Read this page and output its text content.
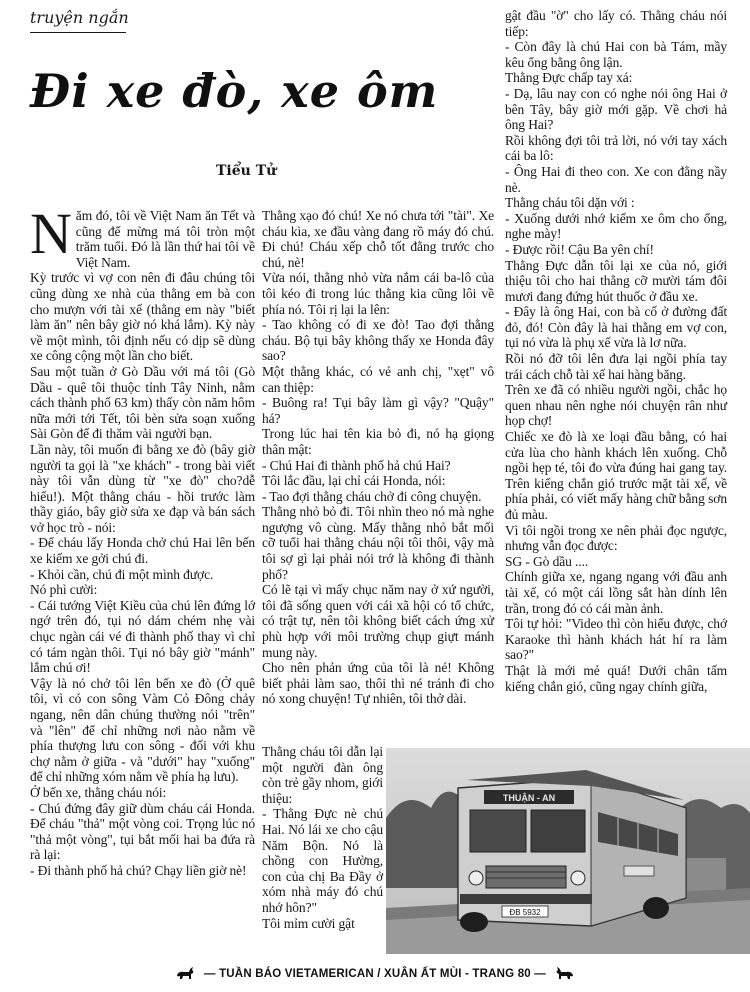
truyện ngắn
Đi xe đò, xe ôm
Tiểu Tử

Năm đó, tôi về Việt Nam ăn Tết và cũng để mừng má tôi tròn một trăm tuổi. Đó là lần thứ hai tôi về Việt Nam.

Kỳ trước vì vợ con nên đi đâu chúng tôi cũng dùng xe nhà của thằng em bà con cho mượn với tài xế (thằng em này "biết làm ăn" nên bây giờ nó khá lắm). Kỳ này về một mình, tôi định nếu có dịp sẽ dùng xe công cộng một lần cho biết.

Sau một tuần ở Gò Dầu với má tôi (Gò Dầu - quê tôi thuộc tỉnh Tây Ninh, nằm cách thành phố 63 km) thấy còn năm hôm nữa mới tới Tết, tôi bèn sửa soạn xuống Sài Gòn để đi thăm vài người bạn.

Lần này, tôi muốn đi bằng xe đò (bây giờ người ta gọi là "xe khách" - trong bài viết này tôi vẫn dùng từ "xe đò" cho?dễ hiểu!). Một thằng cháu - hồi trước làm thầy giáo, bây giờ sửa xe đạp và bán sách vở học trò - nói:

- Để cháu lấy Honda chở chú Hai lên bến xe kiếm xe gởi chú đi.

- Khỏi cần, chú đi một mình được.

Nó phì cười:

- Cái tướng Việt Kiều của chú lên đứng lớ ngớ trên đó, tụi nó dám chém nhẹ vài chục ngàn cái vé đi thành phố thay vì chỉ có tám ngàn thôi. Tụi nó bây giờ "mánh" lắm chú ơi!

Vậy là nó chở tôi lên bến xe đò (Ở quê tôi, vì có con sông Vàm Cỏ Đông chảy ngang, nên dân chúng thường nói "trên" và "lên" để chỉ những nơi nào nằm về phía thượng lưu con sông - đối với khu chợ nằm ở giữa - và "dưới" hay "xuống" để chỉ những xóm nằm về phía hạ lưu).

Ở bến xe, thằng cháu nói:

- Chú đứng đây giữ dùm cháu cái Honda. Để cháu "thả" một vòng coi. Trọng lúc nó "thả một vòng", tụi bắt mối hai ba đứa rà rà lại:

- Đi thành phố hả chú? Chạy liền giờ nè!

Thằng xạo đó chú! Xe nó chưa tới "tài". Xe cháu kìa, xe đầu vàng đang rồ máy đó chú. Đi chú! Cháu xếp chỗ tốt đằng trước cho chú, nè!

Vừa nói, thằng nhỏ vừa nắm cái ba-lô của tôi kéo đi trong lúc thằng kia cũng lôi về phía nó. Tôi rị lại la lên:

- Tao không có đi xe đò! Tao đợi thằng cháu. Bộ tụi bây không thấy xe Honda đây sao?

Một thằng khác, có vẻ anh chị, "xẹt" vô can thiệp:

- Buông ra! Tụi bây làm gì vậy? "Quậy" há?

Trong lúc hai tên kia bỏ đi, nó hạ giọng thân mật:

- Chú Hai đi thành phố hả chú Hai?

Tôi lắc đầu, lại chỉ cái Honda, nói:

- Tao đợi thằng cháu chở đi công chuyện.

Thằng nhỏ bỏ đi. Tôi nhìn theo nó mà nghe ngượng vô cùng. Mấy thằng nhỏ bắt mối cỡ tuổi hai thằng cháu nội tôi thôi, vậy mà tôi sợ gì lại phải nói trớ là không đi thành phố?

Có lẽ tại vì mấy chục năm nay ở xứ người, tôi đã sống quen với cái xã hội có tổ chức, có trật tự, nên tôi không biết cách ứng xử phù hợp với môi trường chụp giựt mánh mung này.

Cho nên phản ứng của tôi là né! Không biết phải làm sao, thôi thì né tránh đi cho nó xong chuyện! Tự nhiên, tôi thở dài.

Thằng cháu tôi dẫn lại một người đàn ông còn trẻ gầy nhom, giới thiệu:

- Thằng Đực nè chú Hai. Nó lái xe cho cậu Năm Bộn. Nó là chồng con Hường, con của chị Ba Đầy ở xóm nhà máy đó chú nhớ hôn?"

Tôi mỉm cười gật

gật đầu "ờ" cho lấy có. Thằng cháu nói tiếp:

- Còn đây là chú Hai con bà Tám, mầy kêu ổng bằng ông lận.

Thằng Đực chấp tay xá:

- Dạ, lâu nay con có nghe nói ông Hai ở bên Tây, bây giờ mới gặp. Về chơi hả ông Hai?

Rồi không đợi tôi trả lời, nó với tay xách cái ba lô:

- Ông Hai đi theo con. Xe con đằng nầy nè.

Thằng cháu tôi dặn với :

- Xuống dưới nhớ kiếm xe ôm cho ổng, nghe mày!

- Được rồi! Cậu Ba yên chí!

Thằng Đực dẫn tôi lại xe của nó, giới thiệu tôi cho hai thằng cỡ mười tám đôi mươi đang đứng hút thuốc ở đầu xe.

- Đây là ông Hai, con bà cố ở đường đất đỏ, đó! Còn đây là hai thằng em vợ con, tụi nó vừa là phụ xế vừa là lơ nữa.

Rồi nó đỡ tôi lên đưa lại ngồi phía tay trái cách chỗ tài xế hai hàng băng.

Trên xe đã có nhiều người ngồi, chắc họ quen nhau nên nghe nói chuyện rân như họp chợ!

Chiếc xe đò là xe loại đầu bằng, có hai cửa lùa cho hành khách lên xuống. Chỗ ngồi hẹp té, tôi đo vừa đúng hai gang tay. Trên kiếng chắn gió trước mặt tài xế, về phía phải, có viết mấy hàng chữ bằng sơn đủ màu.

Vì tôi ngồi trong xe nên phải đọc ngược, nhưng vẫn đọc được:

SG - Gò dầu ....

Chính giữa xe, ngang ngang với đầu anh tài xế, có một cái lồng sắt hàn dính lên trần, trong đó có cái màn ảnh.

Tôi tự hỏi: "Video thì còn hiểu được, chớ Karaoke thì hành khách hát hí ra làm sao?"

Thật là mới mẻ quá! Dưới chân tấm kiếng chắn gió, cũng ngay chính giữa,

THUẬN - AN
ĐB 5932
— TUẦN BÁO VIETAMERICAN / XUÂN ẤT MÙI - TRANG 80 —
